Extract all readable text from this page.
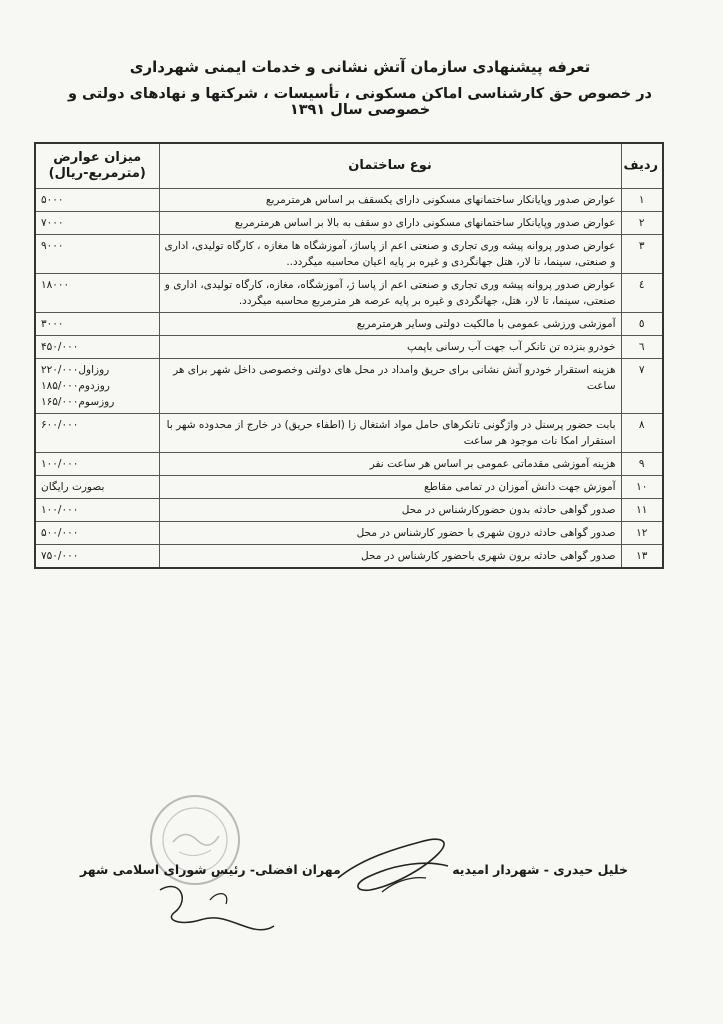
تعرفه پیشنهادی سازمان آتش نشانی و خدمات ایمنی شهرداری
در خصوص حق کارشناسی اماکن مسکونی ، تأسیسات ، شرکتها و نهادهای دولتی و خصوصی سال ۱۳۹۱
ردیف	نوع ساختمان	میزان عوارض (مترمربع-ریال)
۱	عوارض صدور وپایانکار ساختمانهای مسکونی دارای یکسقف بر اساس هرمترمربع	۵۰۰۰

۲	عوارض صدور وپایانکار ساختمانهای مسکونی دارای دو سقف به بالا بر اساس هرمترمربع	۷۰۰۰

۳	عوارض صدور پروانه پیشه وری تجاری و صنعتی اعم از پاساژ، آموزشگاه ها مغازه ، کارگاه تولیدی، اداری و صنعتی، سینما، تا لار، هتل جهانگردی و غیره بر پایه اعیان محاسبه میگردد..	۹۰۰۰

٤	عوارض صدور پروانه پیشه وری تجاری و صنعتی اعم از پاسا ژ، آموزشگاه، مغازه، کارگاه تولیدی، اداری و صنعتی، سینما، تا لار، هتل، جهانگردی و غیره بر پایه عرصه هر مترمربع محاسبه میگردد.	۱۸۰۰۰

٥	آموزشی ورزشی عمومی با مالکیت دولتی وسایر هرمترمربع	۳۰۰۰

٦	خودرو بنزده تن تانکر آب جهت آب رسانی باپمپ	۴۵۰/۰۰۰

۷	هزینه استقرار خودرو آتش نشانی برای حریق وامداد در محل های دولتی وخصوصی داخل شهر برای هر ساعت	روزاول۲۲۰/۰۰۰
روزدوم۱۸۵/۰۰۰
روزسوم۱۶۵/۰۰۰

۸	بابت حضور پرسنل در واژگونی تانکرهای حامل مواد اشتغال زا (اطفاء حریق) در خارج از محدوده شهر با استقرار امکا نات موجود هر ساعت	۶۰۰/۰۰۰

۹	هزینه آموزشی مقدماتی عمومی بر اساس هر ساعت نفر	۱۰۰/۰۰۰

۱۰	آموزش جهت دانش آموزان در تمامی مقاطع	بصورت رایگان

۱۱	صدور گواهی حادثه بدون حضورکارشناس در محل	۱۰۰/۰۰۰

۱۲	صدور گواهی حادثه درون شهری با حضور کارشناس در محل	۵۰۰/۰۰۰

۱۳	صدور گواهی حادثه برون شهری باحضور کارشناس در محل	۷۵۰/۰۰۰
خلیل حیدری - شهردار امیدیه
مهران افضلی- رئیس شورای اسلامی شهر
